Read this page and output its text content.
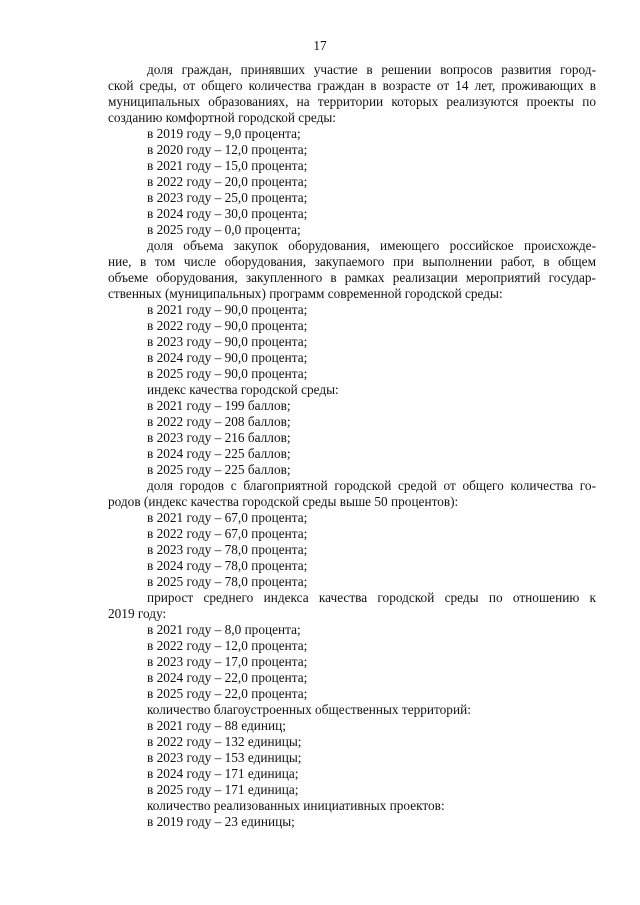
17
доля граждан, принявших участие в решении вопросов развития город-
ской среды, от общего количества граждан в возрасте от 14 лет, проживающих в
муниципальных образованиях, на территории которых реализуются проекты по
созданию комфортной городской среды:
в 2019 году – 9,0 процента;
в 2020 году – 12,0 процента;
в 2021 году – 15,0 процента;
в 2022 году – 20,0 процента;
в 2023 году – 25,0 процента;
в 2024 году – 30,0 процента;
в 2025 году – 0,0 процента;
доля объема закупок оборудования, имеющего российское происхожде-
ние, в том числе оборудования, закупаемого при выполнении работ, в общем
объеме оборудования, закупленного в рамках реализации мероприятий государ-
ственных (муниципальных) программ современной городской среды:
в 2021 году – 90,0 процента;
в 2022 году – 90,0 процента;
в 2023 году – 90,0 процента;
в 2024 году – 90,0 процента;
в 2025 году – 90,0 процента;
индекс качества городской среды:
в 2021 году – 199 баллов;
в 2022 году – 208 баллов;
в 2023 году – 216 баллов;
в 2024 году – 225 баллов;
в 2025 году – 225 баллов;
доля городов с благоприятной городской средой от общего количества го-
родов (индекс качества городской среды выше 50 процентов):
в 2021 году – 67,0 процента;
в 2022 году – 67,0 процента;
в 2023 году – 78,0 процента;
в 2024 году – 78,0 процента;
в 2025 году – 78,0 процента;
прирост среднего индекса качества городской среды по отношению к
2019 году:
в 2021 году – 8,0 процента;
в 2022 году – 12,0 процента;
в 2023 году – 17,0 процента;
в 2024 году – 22,0 процента;
в 2025 году – 22,0 процента;
количество благоустроенных общественных территорий:
в 2021 году – 88 единиц;
в 2022 году – 132 единицы;
в 2023 году – 153 единицы;
в 2024 году – 171 единица;
в 2025 году – 171 единица;
количество реализованных инициативных проектов:
в 2019 году – 23 единицы;
